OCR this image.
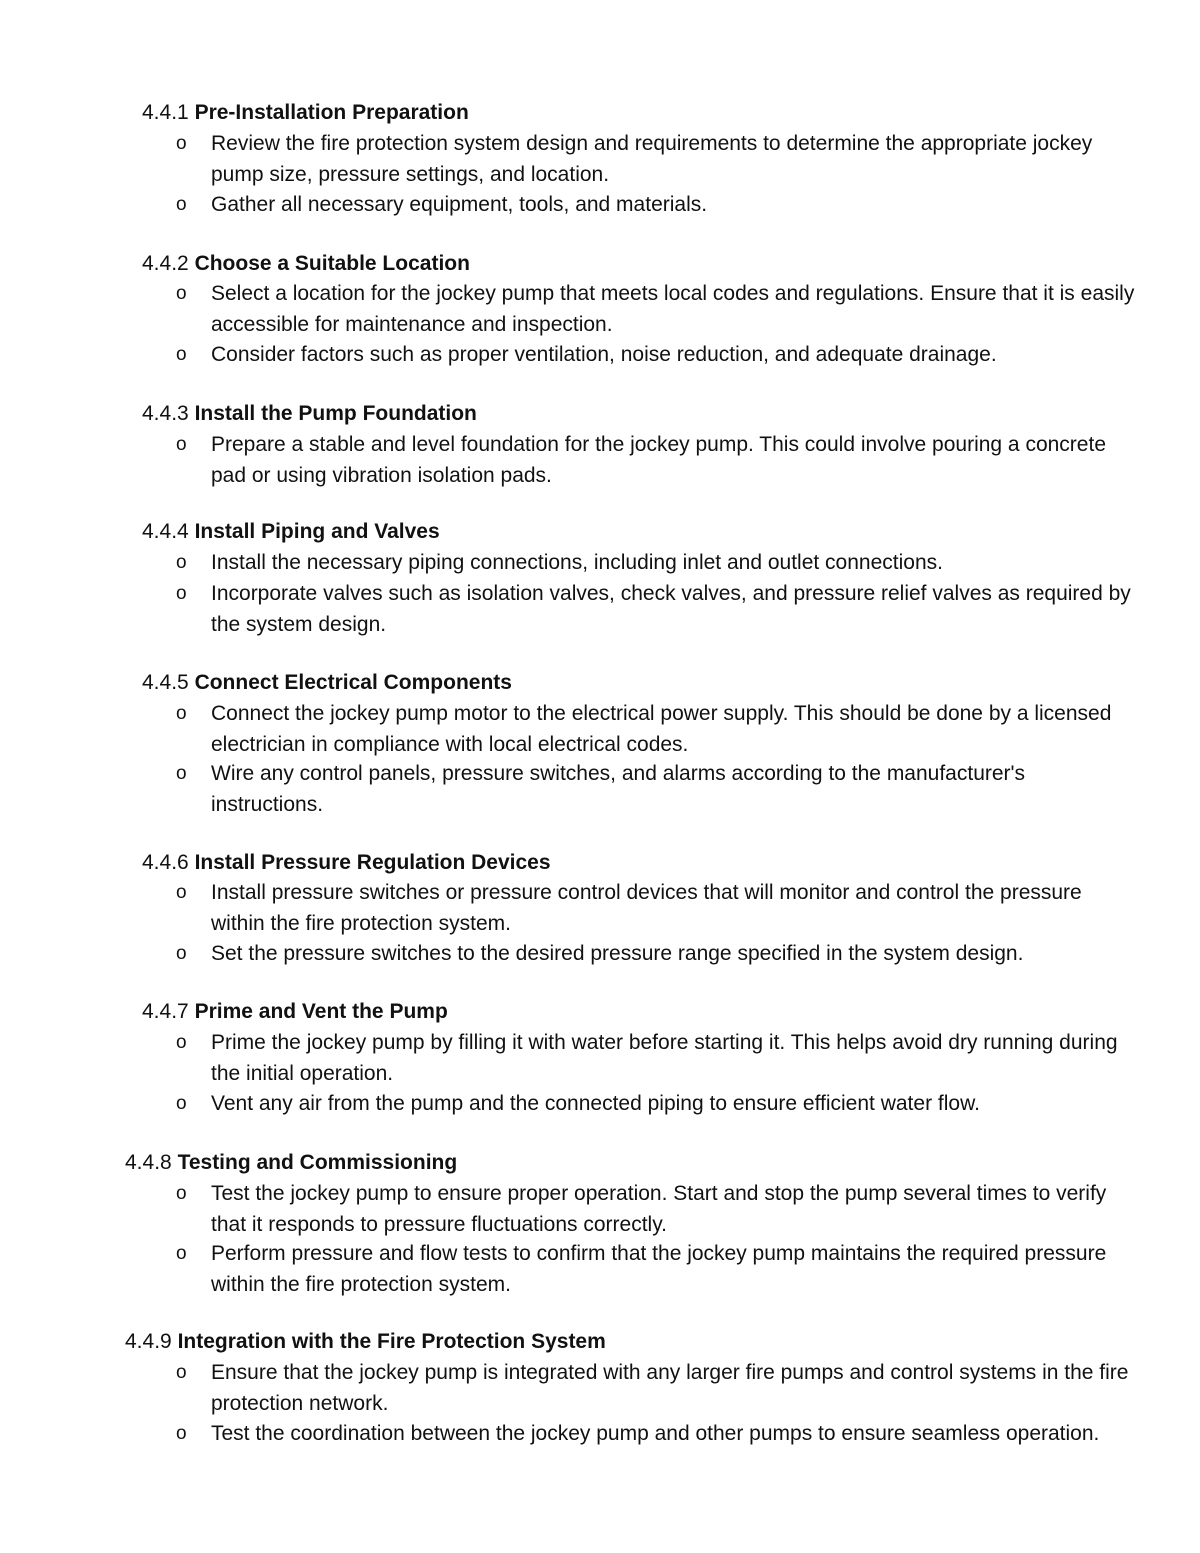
4.4.1 Pre-Installation Preparation
o	Review the fire protection system design and requirements to determine the appropriate jockey pump size, pressure settings, and location.
o	Gather all necessary equipment, tools, and materials.
4.4.2 Choose a Suitable Location
o	Select a location for the jockey pump that meets local codes and regulations. Ensure that it is easily accessible for maintenance and inspection.
o	Consider factors such as proper ventilation, noise reduction, and adequate drainage.
4.4.3 Install the Pump Foundation
o	Prepare a stable and level foundation for the jockey pump. This could involve pouring a concrete pad or using vibration isolation pads.
4.4.4 Install Piping and Valves
o	Install the necessary piping connections, including inlet and outlet connections.
o	Incorporate valves such as isolation valves, check valves, and pressure relief valves as required by the system design.
4.4.5 Connect Electrical Components
o	Connect the jockey pump motor to the electrical power supply. This should be done by a licensed electrician in compliance with local electrical codes.
o	Wire any control panels, pressure switches, and alarms according to the manufacturer's instructions.
4.4.6 Install Pressure Regulation Devices
o	Install pressure switches or pressure control devices that will monitor and control the pressure within the fire protection system.
o	Set the pressure switches to the desired pressure range specified in the system design.
4.4.7 Prime and Vent the Pump
o	Prime the jockey pump by filling it with water before starting it. This helps avoid dry running during the initial operation.
o	Vent any air from the pump and the connected piping to ensure efficient water flow.
4.4.8 Testing and Commissioning
o	Test the jockey pump to ensure proper operation. Start and stop the pump several times to verify that it responds to pressure fluctuations correctly.
o	Perform pressure and flow tests to confirm that the jockey pump maintains the required pressure within the fire protection system.
4.4.9 Integration with the Fire Protection System
o	Ensure that the jockey pump is integrated with any larger fire pumps and control systems in the fire protection network.
o	Test the coordination between the jockey pump and other pumps to ensure seamless operation.
